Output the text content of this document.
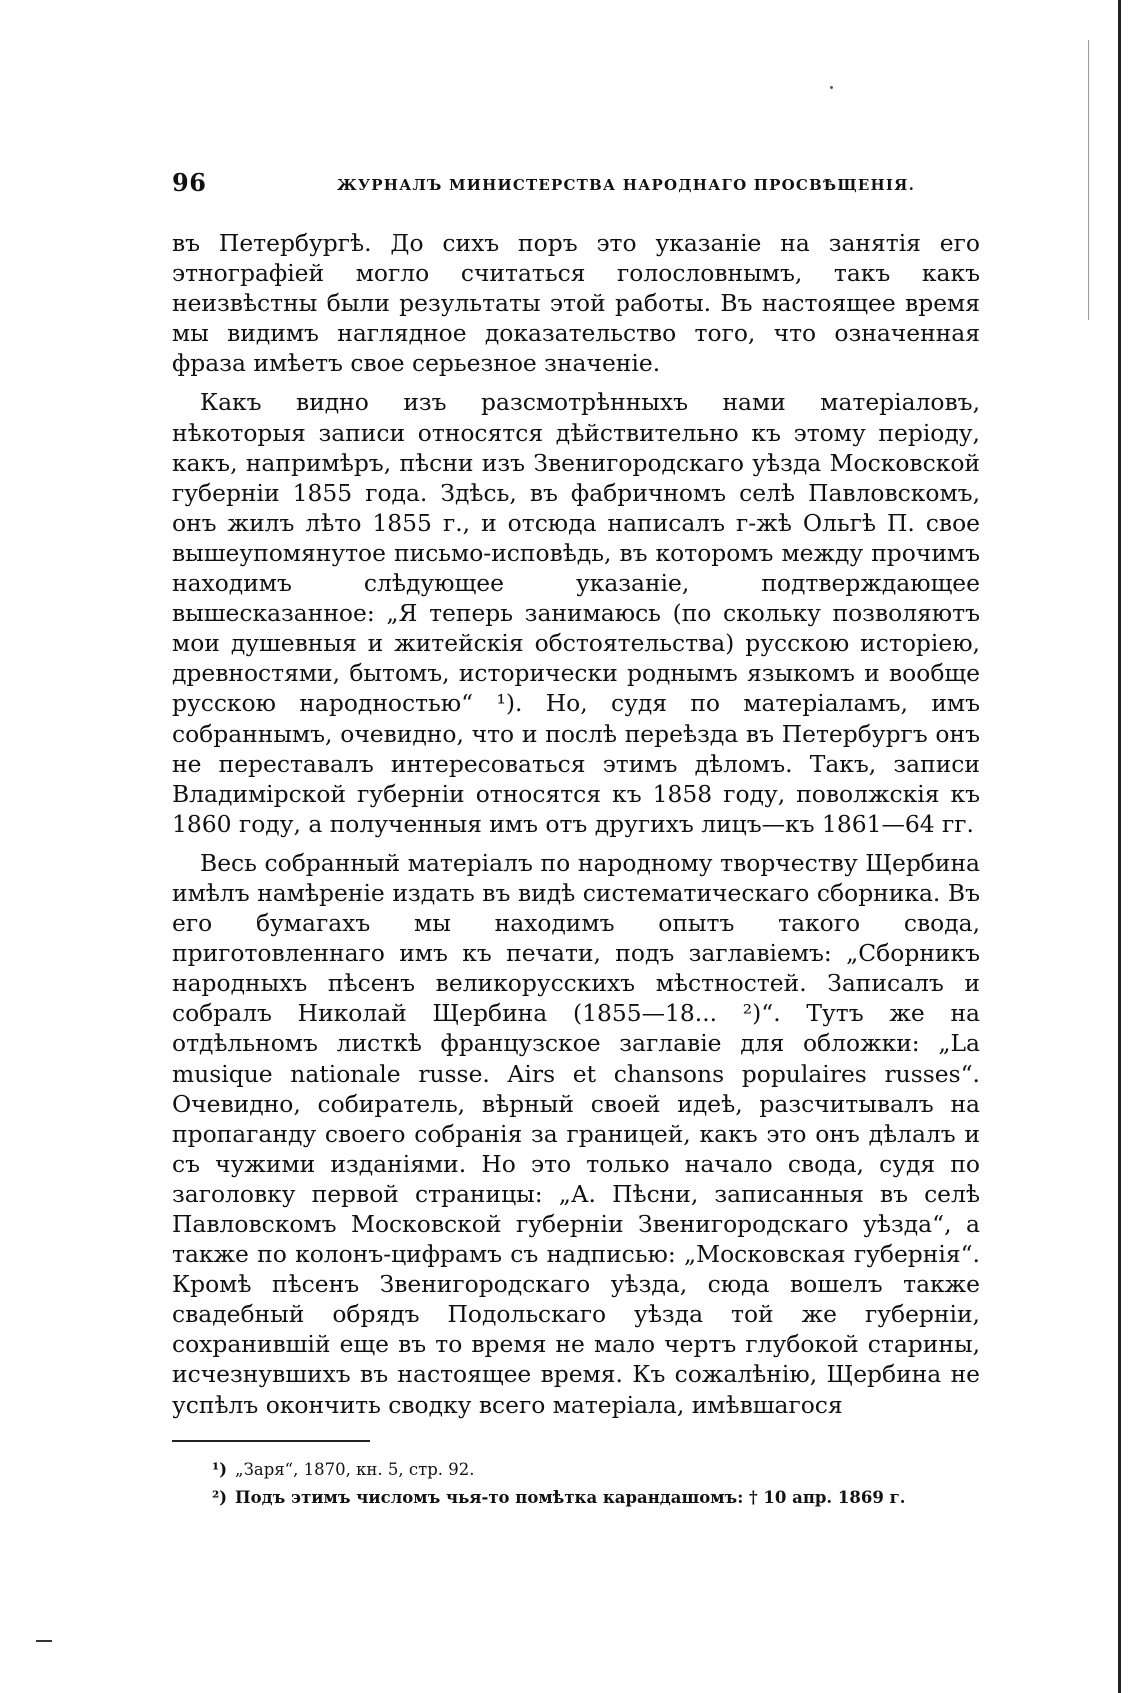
96	ЖУРНАЛЪ МИНИСТЕРСТВА НАРОДНАГО ПРОСВѢЩЕНІЯ.

въ Петербургѣ. До сихъ поръ это указаніе на занятія его этнографіей могло считаться голословнымъ, такъ какъ неизвѣстны были результаты этой работы. Въ настоящее время мы видимъ наглядное доказательство того, что означенная фраза имѣетъ свое серьезное значеніе.

Какъ видно изъ разсмотрѣнныхъ нами матеріаловъ, нѣкоторыя записи относятся дѣйствительно къ этому періоду, какъ, напримѣръ, пѣсни изъ Звенигородскаго уѣзда Московской губерніи 1855 года. Здѣсь, въ фабричномъ селѣ Павловскомъ, онъ жилъ лѣто 1855 г., и отсюда написалъ г-жѣ Ольгѣ П. свое вышеупомянутое письмо-исповѣдь, въ которомъ между прочимъ находимъ слѣдующее указаніе, подтверждающее вышесказанное: „Я теперь занимаюсь (по скольку позволяютъ мои душевныя и житейскія обстоятельства) русскою исторіею, древностями, бытомъ, исторически роднымъ языкомъ и вообще русскою народностью“ ¹). Но, судя по матеріаламъ, имъ собраннымъ, очевидно, что и послѣ переѣзда въ Петербургъ онъ не переставалъ интересоваться этимъ дѣломъ. Такъ, записи Владимірской губерніи относятся къ 1858 году, поволжскія къ 1860 году, а полученныя имъ отъ другихъ лицъ—къ 1861—64 гг.

Весь собранный матеріалъ по народному творчеству Щербина имѣлъ намѣреніе издать въ видѣ систематическаго сборника. Въ его бумагахъ мы находимъ опытъ такого свода, приготовленнаго имъ къ печати, подъ заглавіемъ: „Сборникъ народныхъ пѣсенъ великорусскихъ мѣстностей. Записалъ и собралъ Николай Щербина (1855—18... ²)“. Тутъ же на отдѣльномъ листкѣ французское заглавіе для обложки: „La musique nationale russe. Airs et chansons populaires russes“. Очевидно, собиратель, вѣрный своей идеѣ, разсчитывалъ на пропаганду своего собранія за границей, какъ это онъ дѣлалъ и съ чужими изданіями. Но это только начало свода, судя по заголовку первой страницы: „А. Пѣсни, записанныя въ селѣ Павловскомъ Московской губерніи Звенигородскаго уѣзда“, а также по колонъ-цифрамъ съ надписью: „Московская губернія“. Кромѣ пѣсенъ Звенигородскаго уѣзда, сюда вошелъ также свадебный обрядъ Подольскаго уѣзда той же губерніи, сохранившій еще въ то время не мало чертъ глубокой старины, исчезнувшихъ въ настоящее время. Къ сожалѣнію, Щербина не успѣлъ окончить сводку всего матеріала, имѣвшагося

¹) „Заря“, 1870, кн. 5, стр. 92.

²) Подъ этимъ числомъ чья-то помѣтка карандашомъ: † 10 апр. 1869 г.
